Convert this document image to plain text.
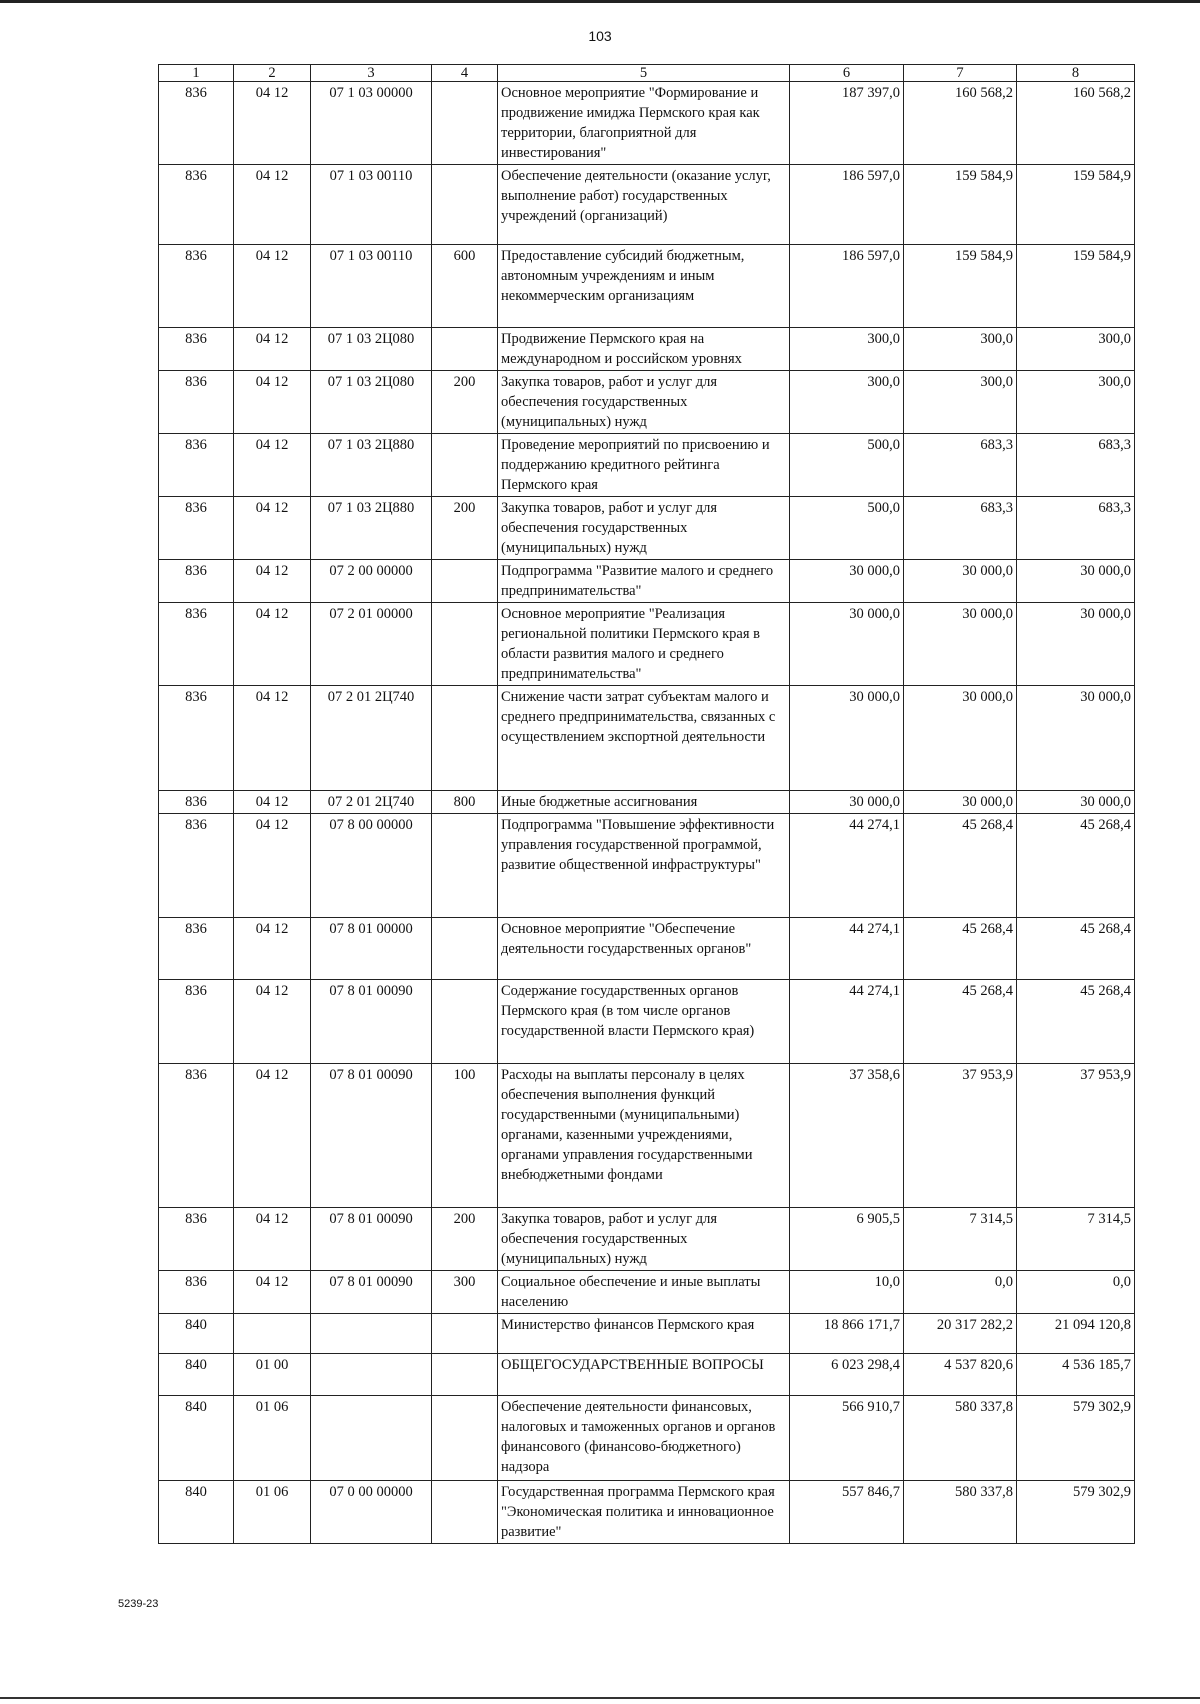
103
1	2	3	4	5	6	7	8
836	04 12	07 1 03 00000		Основное мероприятие "Формирование и продвижение имиджа Пермского края как территории, благоприятной для инвестирования"	187 397,0	160 568,2	160 568,2
836	04 12	07 1 03 00110		Обеспечение деятельности (оказание услуг, выполнение работ) государственных учреждений (организаций)	186 597,0	159 584,9	159 584,9
836	04 12	07 1 03 00110	600	Предоставление субсидий бюджетным, автономным учреждениям и иным некоммерческим организациям	186 597,0	159 584,9	159 584,9
836	04 12	07 1 03 2Ц080		Продвижение Пермского края на международном и российском уровнях	300,0	300,0	300,0
836	04 12	07 1 03 2Ц080	200	Закупка товаров, работ и услуг для обеспечения государственных (муниципальных) нужд	300,0	300,0	300,0
836	04 12	07 1 03 2Ц880		Проведение мероприятий по присвоению и поддержанию кредитного рейтинга Пермского края	500,0	683,3	683,3
836	04 12	07 1 03 2Ц880	200	Закупка товаров, работ и услуг для обеспечения государственных (муниципальных) нужд	500,0	683,3	683,3
836	04 12	07 2 00 00000		Подпрограмма "Развитие малого и среднего предпринимательства"	30 000,0	30 000,0	30 000,0
836	04 12	07 2 01 00000		Основное мероприятие "Реализация региональной политики Пермского края в области развития малого и среднего предпринимательства"	30 000,0	30 000,0	30 000,0
836	04 12	07 2 01 2Ц740		Снижение части затрат субъектам малого и среднего предпринимательства, связанных с осуществлением экспортной деятельности	30 000,0	30 000,0	30 000,0
836	04 12	07 2 01 2Ц740	800	Иные бюджетные ассигнования	30 000,0	30 000,0	30 000,0
836	04 12	07 8 00 00000		Подпрограмма "Повышение эффективности управления государственной программой, развитие общественной инфраструктуры"	44 274,1	45 268,4	45 268,4
836	04 12	07 8 01 00000		Основное мероприятие "Обеспечение деятельности государственных органов"	44 274,1	45 268,4	45 268,4
836	04 12	07 8 01 00090		Содержание государственных органов Пермского края (в том числе органов государственной власти Пермского края)	44 274,1	45 268,4	45 268,4
836	04 12	07 8 01 00090	100	Расходы на выплаты персоналу в целях обеспечения выполнения функций государственными (муниципальными) органами, казенными учреждениями, органами управления государственными внебюджетными фондами	37 358,6	37 953,9	37 953,9
836	04 12	07 8 01 00090	200	Закупка товаров, работ и услуг для обеспечения государственных (муниципальных) нужд	6 905,5	7 314,5	7 314,5
836	04 12	07 8 01 00090	300	Социальное обеспечение и иные выплаты населению	10,0	0,0	0,0
840				Министерство финансов Пермского края	18 866 171,7	20 317 282,2	21 094 120,8
840	01 00			ОБЩЕГОСУДАРСТВЕННЫЕ ВОПРОСЫ	6 023 298,4	4 537 820,6	4 536 185,7
840	01 06			Обеспечение деятельности финансовых, налоговых и таможенных органов и органов финансового (финансово-бюджетного) надзора	566 910,7	580 337,8	579 302,9
840	01 06	07 0 00 00000		Государственная программа Пермского края "Экономическая политика и инновационное развитие"	557 846,7	580 337,8	579 302,9
5239-23
